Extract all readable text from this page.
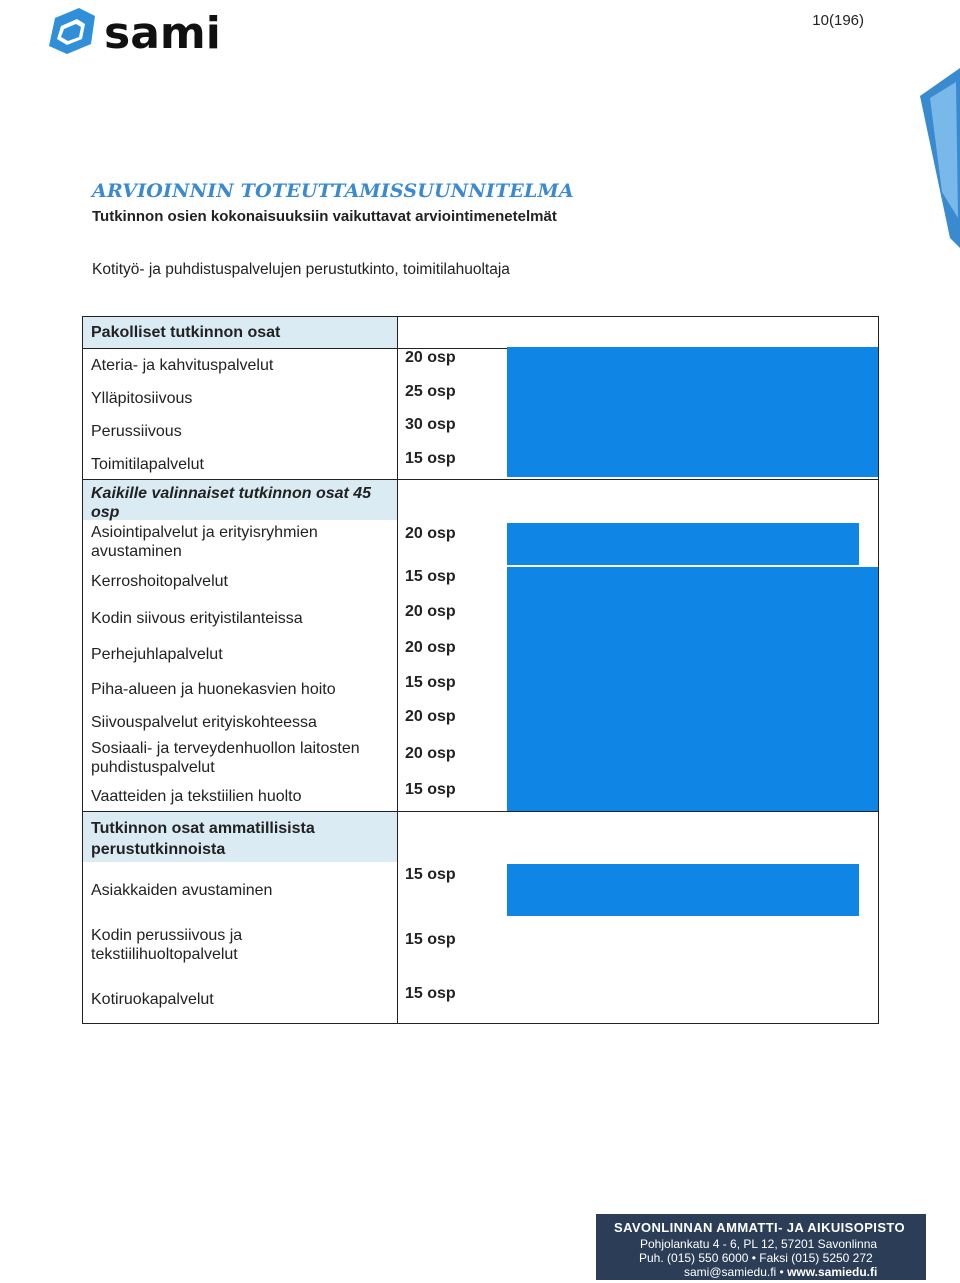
sami	10(196)
ARVIOINNIN TOTEUTTAMISSUUNNITELMA
Tutkinnon osien kokonaisuuksiin vaikuttavat arviointimenetelmät
Kotityö- ja puhdistuspalvelujen perustutkinto, toimitilahuoltaja
Pakolliset tutkinnon osat
Ateria- ja kahvituspalvelut
Ylläpitosiivous
Perussiivous
Toimitilapalvelut
20 osp
25 osp
30 osp
15 osp
Kaikille valinnaiset tutkinnon osat 45 osp
Asiointipalvelut ja erityisryhmien avustaminen
Kerroshoitopalvelut
Kodin siivous erityistilanteissa
Perhejuhlapalvelut
Piha-alueen ja huonekasvien hoito
Siivouspalvelut erityiskohteessa
Sosiaali- ja terveydenhuollon laitosten puhdistuspalvelut
Vaatteiden ja tekstiilien huolto
20 osp
15 osp
20 osp
20 osp
15 osp
20 osp
20 osp
15 osp
Tutkinnon osat ammatillisista perustutkinnoista
Asiakkaiden avustaminen
Kodin perussiivous ja tekstiilihuoltopalvelut
Kotiruokapalvelut
15 osp
15 osp
15 osp
SAVONLINNAN AMMATTI- JA AIKUISOPISTO
Pohjolankatu 4 - 6, PL 12, 57201 Savonlinna
Puh. (015) 550 6000 • Faksi (015) 5250 272
sami@samiedu.fi • www.samiedu.fi
